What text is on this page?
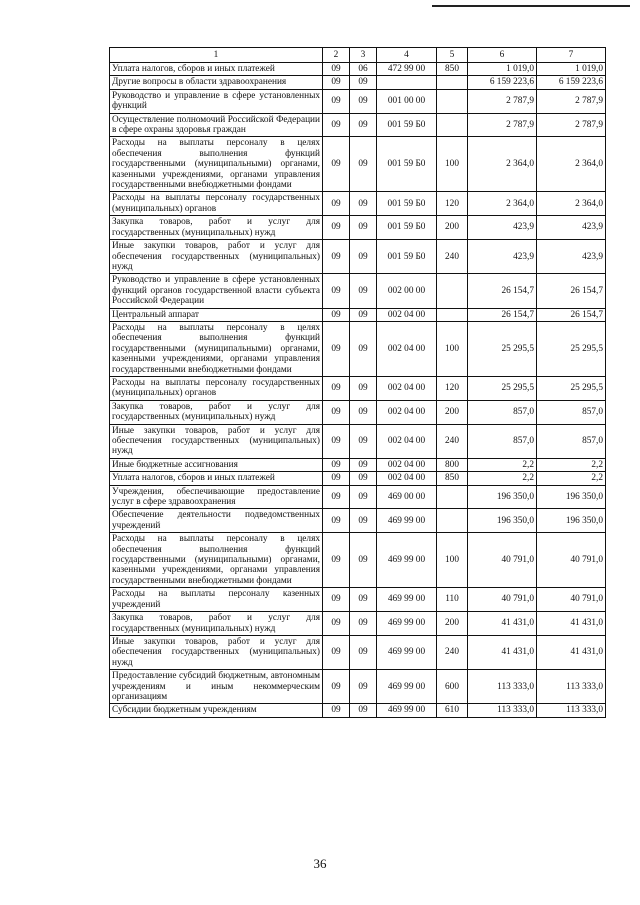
1	2	3	4	5	6	7
Уплата налогов, сборов и иных платежей	09	06	472 99 00	850	1 019,0	1 019,0
Другие вопросы в области здравоохранения	09	09			6 159 223,6	6 159 223,6
Руководство и управление в сфере установленных функций	09	09	001 00 00		2 787,9	2 787,9
Осуществление полномочий Российской Федерации в сфере охраны здоровья граждан	09	09	001 59 Б0		2 787,9	2 787,9
Расходы на выплаты персоналу в целях обеспечения выполнения функций государственными (муниципальными) органами, казенными учреждениями, органами управления государственными внебюджетными фондами	09	09	001 59 Б0	100	2 364,0	2 364,0
Расходы на выплаты персоналу государственных (муниципальных) органов	09	09	001 59 Б0	120	2 364,0	2 364,0
Закупка товаров, работ и услуг для государственных (муниципальных) нужд	09	09	001 59 Б0	200	423,9	423,9
Иные закупки товаров, работ и услуг для обеспечения государственных (муниципальных) нужд	09	09	001 59 Б0	240	423,9	423,9
Руководство и управление в сфере установленных функций органов государственной власти субъекта Российской Федерации	09	09	002 00 00		26 154,7	26 154,7
Центральный аппарат	09	09	002 04 00		26 154,7	26 154,7
Расходы на выплаты персоналу в целях обеспечения выполнения функций государственными (муниципальными) органами, казенными учреждениями, органами управления государственными внебюджетными фондами	09	09	002 04 00	100	25 295,5	25 295,5
Расходы на выплаты персоналу государственных (муниципальных) органов	09	09	002 04 00	120	25 295,5	25 295,5
Закупка товаров, работ и услуг для государственных (муниципальных) нужд	09	09	002 04 00	200	857,0	857,0
Иные закупки товаров, работ и услуг для обеспечения государственных (муниципальных) нужд	09	09	002 04 00	240	857,0	857,0
Иные бюджетные ассигнования	09	09	002 04 00	800	2,2	2,2
Уплата налогов, сборов и иных платежей	09	09	002 04 00	850	2,2	2,2
Учреждения, обеспечивающие предоставление услуг в сфере здравоохранения	09	09	469 00 00		196 350,0	196 350,0
Обеспечение деятельности подведомственных учреждений	09	09	469 99 00		196 350,0	196 350,0
Расходы на выплаты персоналу в целях обеспечения выполнения функций государственными (муниципальными) органами, казенными учреждениями, органами управления государственными внебюджетными фондами	09	09	469 99 00	100	40 791,0	40 791,0
Расходы на выплаты персоналу казенных учреждений	09	09	469 99 00	110	40 791,0	40 791,0
Закупка товаров, работ и услуг для государственных (муниципальных) нужд	09	09	469 99 00	200	41 431,0	41 431,0
Иные закупки товаров, работ и услуг для обеспечения государственных (муниципальных) нужд	09	09	469 99 00	240	41 431,0	41 431,0
Предоставление субсидий бюджетным, автономным учреждениям и иным некоммерческим организациям	09	09	469 99 00	600	113 333,0	113 333,0
Субсидии бюджетным учреждениям	09	09	469 99 00	610	113 333,0	113 333,0
36
